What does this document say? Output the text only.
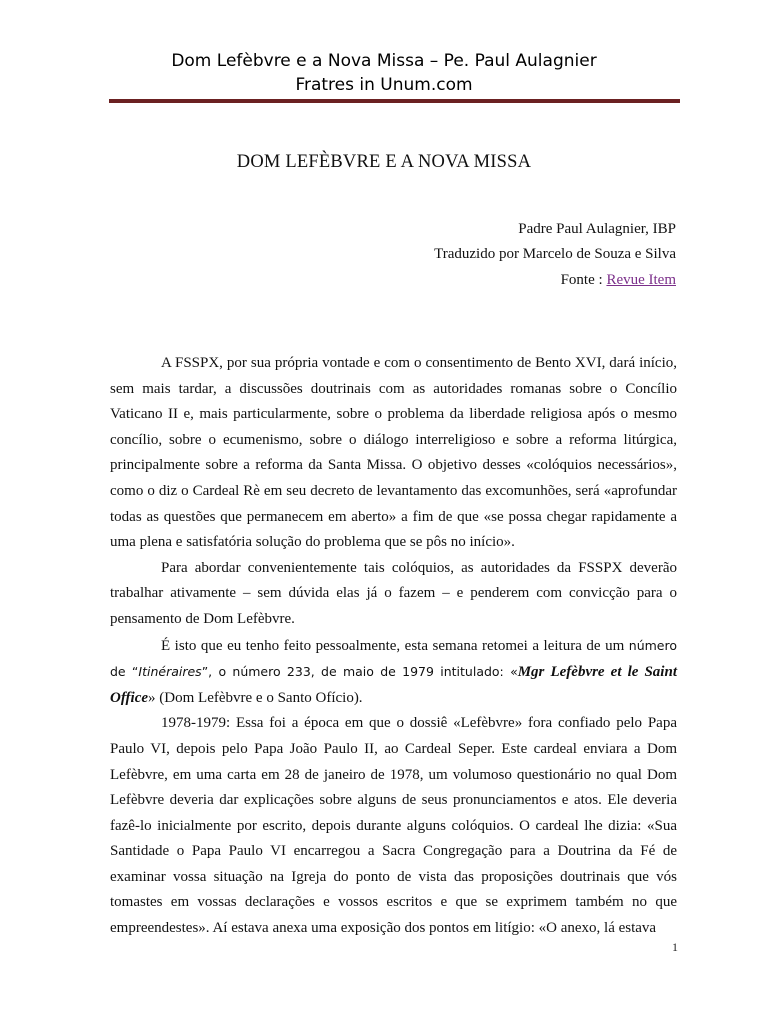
Dom Lefèbvre e a Nova Missa – Pe. Paul Aulagnier
Fratres in Unum.com
DOM LEFÈBVRE E A NOVA MISSA
Padre Paul Aulagnier, IBP
Traduzido por Marcelo de Souza e Silva
Fonte : Revue Item

A FSSPX, por sua própria vontade e com o consentimento de Bento XVI, dará início, sem mais tardar, a discussões doutrinais com as autoridades romanas sobre o Concílio Vaticano II e, mais particularmente, sobre o problema da liberdade religiosa após o mesmo concílio, sobre o ecumenismo, sobre o diálogo interreligioso e sobre a reforma litúrgica, principalmente sobre a reforma da Santa Missa. O objetivo desses «colóquios necessários», como o diz o Cardeal Rè em seu decreto de levantamento das excomunhões, será «aprofundar todas as questões que permanecem em aberto» a fim de que «se possa chegar rapidamente a uma plena e satisfatória solução do problema que se pôs no início».

Para abordar convenientemente tais colóquios, as autoridades da FSSPX deverão trabalhar ativamente – sem dúvida elas já o fazem – e penderem com convicção para o pensamento de Dom Lefèbvre.

É isto que eu tenho feito pessoalmente, esta semana retomei a leitura de um número de “Itinéraires”, o número 233, de maio de 1979 intitulado: «Mgr Lefèbvre et le Saint Office» (Dom Lefèbvre e o Santo Ofício).

1978-1979: Essa foi a época em que o dossiê «Lefèbvre» fora confiado pelo Papa Paulo VI, depois pelo Papa João Paulo II, ao Cardeal Seper. Este cardeal enviara a Dom Lefèbvre, em uma carta em 28 de janeiro de 1978, um volumoso questionário no qual Dom Lefèbvre deveria dar explicações sobre alguns de seus pronunciamentos e atos. Ele deveria fazê-lo inicialmente por escrito, depois durante alguns colóquios. O cardeal lhe dizia: «Sua Santidade o Papa Paulo VI encarregou a Sacra Congregação para a Doutrina da Fé de examinar vossa situação na Igreja do ponto de vista das proposições doutrinais que vós tomastes em vossas declarações e vossos escritos e que se exprimem também no que empreendestes». Aí estava anexa uma exposição dos pontos em litígio: «O anexo, lá estava

1
